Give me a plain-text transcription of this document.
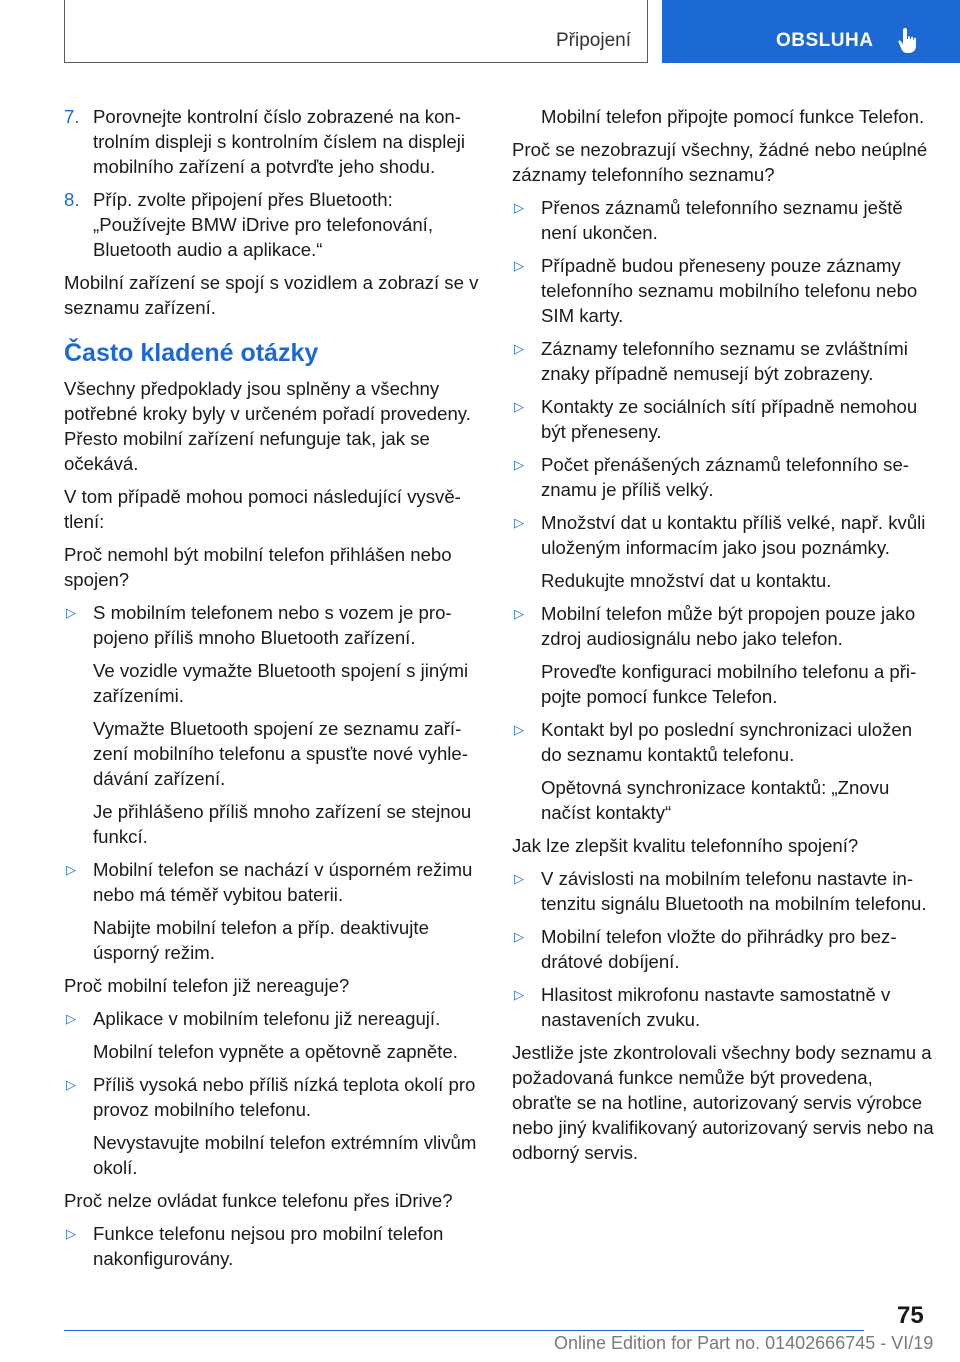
Připojení	OBSLUHA
7. Porovnejte kontrolní číslo zobrazené na kontrolním displeji s kontrolním číslem na displeji mobilního zařízení a potvrďte jeho shodu.
8. Příp. zvolte připojení přes Bluetooth: „Používejte BMW iDrive pro telefonování, Bluetooth audio a aplikace.“

Mobilní zařízení se spojí s vozidlem a zobrazí se v seznamu zařízení.

Často kladené otázky

Všechny předpoklady jsou splněny a všechny potřebné kroky byly v určeném pořadí provedeny. Přesto mobilní zařízení nefunguje tak, jak se očekává.

V tom případě mohou pomoci následující vysvětlení:

Proč nemohl být mobilní telefon přihlášen nebo spojen?

▷ S mobilním telefonem nebo s vozem je propojeno příliš mnoho Bluetooth zařízení.

Ve vozidle vymažte Bluetooth spojení s jinými zařízeními.

Vymažte Bluetooth spojení ze seznamu zařízení mobilního telefonu a spusťte nové vyhledávání zařízení.

Je přihlášeno příliš mnoho zařízení se stejnou funkcí.

▷ Mobilní telefon se nachází v úsporném režimu nebo má téměř vybitou baterii.

Nabijte mobilní telefon a příp. deaktivujte úsporný režim.

Proč mobilní telefon již nereaguje?

▷ Aplikace v mobilním telefonu již nereagují.

Mobilní telefon vypněte a opětovně zapněte.

▷ Příliš vysoká nebo příliš nízká teplota okolí pro provoz mobilního telefonu.

Nevystavujte mobilní telefon extrémním vlivům okolí.

Proč nelze ovládat funkce telefonu přes iDrive?

▷ Funkce telefonu nejsou pro mobilní telefon nakonfigurovány.

Mobilní telefon připojte pomocí funkce Telefon.

Proč se nezobrazují všechny, žádné nebo neúplné záznamy telefonního seznamu?

▷ Přenos záznamů telefonního seznamu ještě není ukončen.
▷ Případně budou přeneseny pouze záznamy telefonního seznamu mobilního telefonu nebo SIM karty.
▷ Záznamy telefonního seznamu se zvláštními znaky případně nemusejí být zobrazeny.
▷ Kontakty ze sociálních sítí případně nemohou být přeneseny.
▷ Počet přenášených záznamů telefonního seznamu je příliš velký.
▷ Množství dat u kontaktu příliš velké, např. kvůli uloženým informacím jako jsou poznámky.

Redukujte množství dat u kontaktu.

▷ Mobilní telefon může být propojen pouze jako zdroj audiosignálu nebo jako telefon.

Proveďte konfiguraci mobilního telefonu a připojte pomocí funkce Telefon.

▷ Kontakt byl po poslední synchronizaci uložen do seznamu kontaktů telefonu.

Opětovná synchronizace kontaktů: „Znovu načíst kontakty“

Jak lze zlepšit kvalitu telefonního spojení?

▷ V závislosti na mobilním telefonu nastavte intenzitu signálu Bluetooth na mobilním telefonu.
▷ Mobilní telefon vložte do přihrádky pro bezdrátové dobíjení.
▷ Hlasitost mikrofonu nastavte samostatně v nastaveních zvuku.

Jestliže jste zkontrolovali všechny body seznamu a požadovaná funkce nemůže být provedena, obraťte se na hotline, autorizovaný servis výrobce nebo jiný kvalifikovaný autorizovaný servis nebo na odborný servis.

75
Online Edition for Part no. 01402666745 - VI/19
